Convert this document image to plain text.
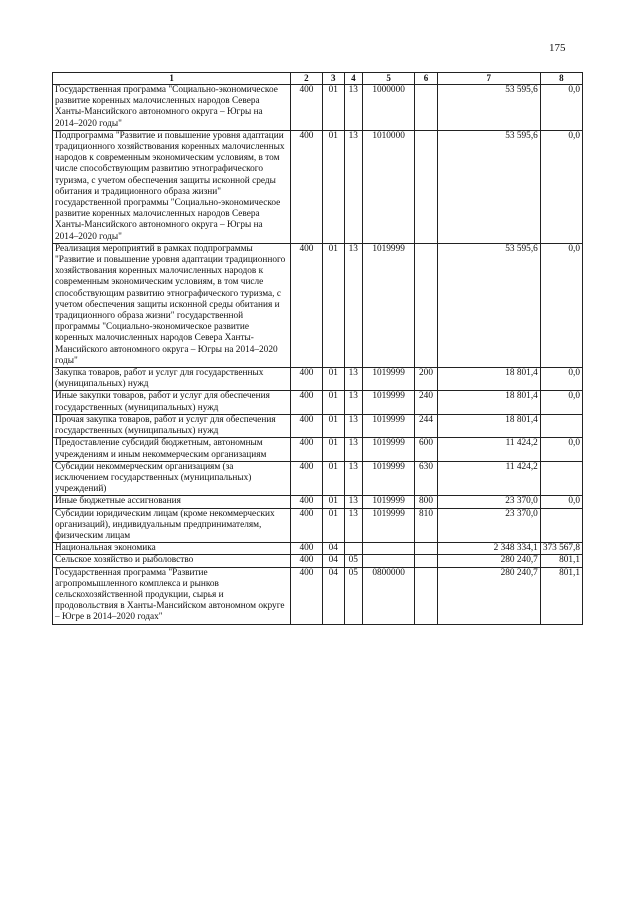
175
1	2	3	4	5	6	7	8
Государственная программа "Социально-экономическое развитие коренных малочисленных народов Севера Ханты-Мансийского автономного округа – Югры на 2014–2020 годы"	400	01	13	1000000		53 595,6	0,0
Подпрограмма "Развитие и повышение уровня адаптации традиционного хозяйствования коренных малочисленных народов к современным экономическим условиям, в том числе способствующим развитию этнографического туризма, с учетом обеспечения защиты исконной среды обитания и традиционного образа жизни" государственной программы "Социально-экономическое развитие коренных малочисленных народов Севера Ханты-Мансийского автономного округа – Югры на 2014–2020 годы"	400	01	13	1010000		53 595,6	0,0
Реализация мероприятий в рамках подпрограммы "Развитие и повышение уровня адаптации традиционного хозяйствования коренных малочисленных народов к современным экономическим условиям, в том числе способствующим развитию этнографического туризма, с учетом обеспечения защиты исконной среды обитания и традиционного образа жизни" государственной программы "Социально-экономическое развитие коренных малочисленных народов Севера Ханты-Мансийского автономного округа – Югры на 2014–2020 годы"	400	01	13	1019999		53 595,6	0,0
Закупка товаров, работ и услуг для государственных (муниципальных) нужд	400	01	13	1019999	200	18 801,4	0,0
Иные закупки товаров, работ и услуг для обеспечения государственных (муниципальных) нужд	400	01	13	1019999	240	18 801,4	0,0
Прочая закупка товаров, работ и услуг для обеспечения государственных (муниципальных) нужд	400	01	13	1019999	244	18 801,4	
Предоставление субсидий бюджетным, автономным учреждениям и иным некоммерческим организациям	400	01	13	1019999	600	11 424,2	0,0
Субсидии некоммерческим организациям (за исключением государственных (муниципальных) учреждений)	400	01	13	1019999	630	11 424,2	
Иные бюджетные ассигнования	400	01	13	1019999	800	23 370,0	0,0
Субсидии юридическим лицам (кроме некоммерческих организаций), индивидуальным предпринимателям, физическим лицам	400	01	13	1019999	810	23 370,0	
Национальная экономика	400	04				2 348 334,1	373 567,8
Сельское хозяйство и рыболовство	400	04	05			280 240,7	801,1
Государственная программа "Развитие агропромышленного комплекса и рынков сельскохозяйственной продукции, сырья и продовольствия в Ханты-Мансийском автономном округе – Югре в 2014–2020 годах"	400	04	05	0800000		280 240,7	801,1
